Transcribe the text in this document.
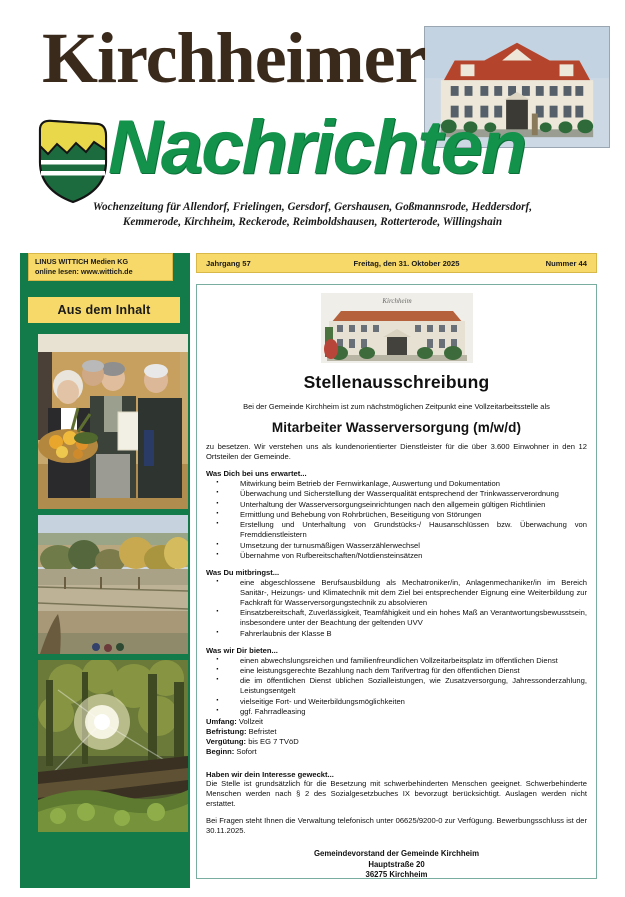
Kirchheimer
Nachrichten
Wochenzeitung für Allendorf, Frielingen, Gersdorf, Gershausen, Goßmannsrode, Heddersdorf,
Kemmerode, Kirchheim, Reckerode, Reimboldshausen, Rotterterode, Willingshain
Aus dem Inhalt
LINUS WITTICH Medien KG
online lesen: www.wittich.de
Jahrgang 57	Freitag, den 31. Oktober 2025	Nummer 44
Kirchheim
Stellenausschreibung
Bei der Gemeinde Kirchheim ist zum nächstmöglichen Zeitpunkt eine Vollzeitarbeitsstelle als
Mitarbeiter Wasserversorgung (m/w/d)
zu besetzen. Wir verstehen uns als kundenorientierter Dienstleister für die über 3.600 Einwohner in den 12 Ortsteilen der Gemeinde.
Was Dich bei uns erwartet...
· Mitwirkung beim Betrieb der Fernwirkanlage, Auswertung und Dokumentation
· Überwachung und Sicherstellung der Wasserqualität entsprechend der Trinkwasserverordnung
· Unterhaltung der Wasserversorgungseinrichtungen nach den allgemein gültigen Richtlinien
· Ermittlung und Behebung von Rohrbrüchen, Beseitigung von Störungen
· Erstellung und Unterhaltung von Grundstücks-/ Hausanschlüssen bzw. Überwachung von Fremddienstleistern
· Umsetzung der turnusmäßigen Wasserzählerwechsel
· Übernahme von Rufbereitschaften/Notdiensteinsätzen
Was Du mitbringst...
· eine abgeschlossene Berufsausbildung als Mechatroniker/in, Anlagenmechaniker/in im Bereich Sanitär-, Heizungs- und Klimatechnik mit dem Ziel bei entsprechender Eignung eine Weiterbildung zur Fachkraft für Wasserversorgungstechnik zu absolvieren
· Einsatzbereitschaft, Zuverlässigkeit, Teamfähigkeit und ein hohes Maß an Verantwortungsbewusstsein, insbesondere unter der Beachtung der geltenden UVV
· Fahrerlaubnis der Klasse B
Was wir Dir bieten...
· einen abwechslungsreichen und familienfreundlichen Vollzeitarbeitsplatz im öffentlichen Dienst
· eine leistungsgerechte Bezahlung nach dem Tarifvertrag für den öffentlichen Dienst
· die im öffentlichen Dienst üblichen Sozialleistungen, wie Zusatzversorgung, Jahressonderzahlung, Leistungsentgelt
· vielseitige Fort- und Weiterbildungsmöglichkeiten
· ggf. Fahrradleasing
Umfang: Vollzeit
Befristung: Befristet
Vergütung: bis EG 7 TVöD
Beginn: Sofort
Haben wir dein Interesse geweckt...
Die Stelle ist grundsätzlich für die Besetzung mit schwerbehinderten Menschen geeignet. Schwerbehinderte Menschen werden nach § 2 des Sozialgesetzbuches IX bevorzugt berücksichtigt. Auslagen werden nicht erstattet.
Bei Fragen steht Ihnen die Verwaltung telefonisch unter 06625/9200-0 zur Verfügung. Bewerbungsschluss ist der 30.11.2025.
Gemeindevorstand der Gemeinde Kirchheim
Hauptstraße 20
36275 Kirchheim
